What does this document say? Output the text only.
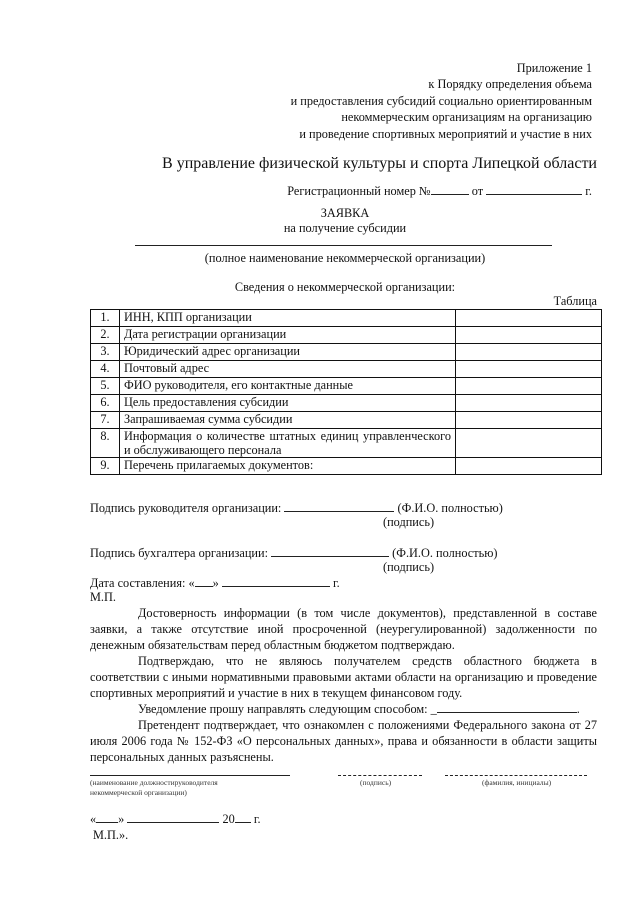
Приложение 1
к Порядку определения объема
и предоставления субсидий социально ориентированным
некоммерческим организациям на организацию
и проведение спортивных мероприятий и участие в них
В управление физической культуры и спорта Липецкой области
Регистрационный номер №	от	г.
ЗАЯВКА
на получение субсидии
(полное наименование некоммерческой организации)
Сведения о некоммерческой организации:
Таблица
1.	ИНН, КПП организации	
2.	Дата регистрации организации	
3.	Юридический адрес организации	
4.	Почтовый адрес	
5.	ФИО руководителя, его контактные данные	
6.	Цель предоставления субсидии	
7.	Запрашиваемая сумма субсидии	
8.	Информация о количестве штатных единиц управленческого и обслуживающего персонала	
9.	Перечень прилагаемых документов:	
Подпись руководителя организации:	(Ф.И.О. полностью)
(подпись)
Подпись бухгалтера организации:	(Ф.И.О. полностью)
(подпись)
Дата составления: « »	г.
М.П.

Достоверность информации (в том числе документов), представленной в составе заявки, а также отсутствие иной просроченной (неурегулированной) задолженности по денежным обязательствам перед областным бюджетом подтверждаю.

Подтверждаю, что не являюсь получателем средств областного бюджета в соответствии с иными нормативными правовыми актами области на организацию и проведение спортивных мероприятий и участие в них в текущем финансовом году.

Уведомление прошу направлять следующим способом: _	.

Претендент подтверждает, что ознакомлен с положениями Федерального закона от 27 июля 2006 года № 152-ФЗ «О персональных данных», права и обязанности в области защиты персональных данных разъяснены.

(наименование должностируководителя некоммерческой организации)
(подпись)	(фамилия, инициалы)
« »	20 г.
М.П.».
